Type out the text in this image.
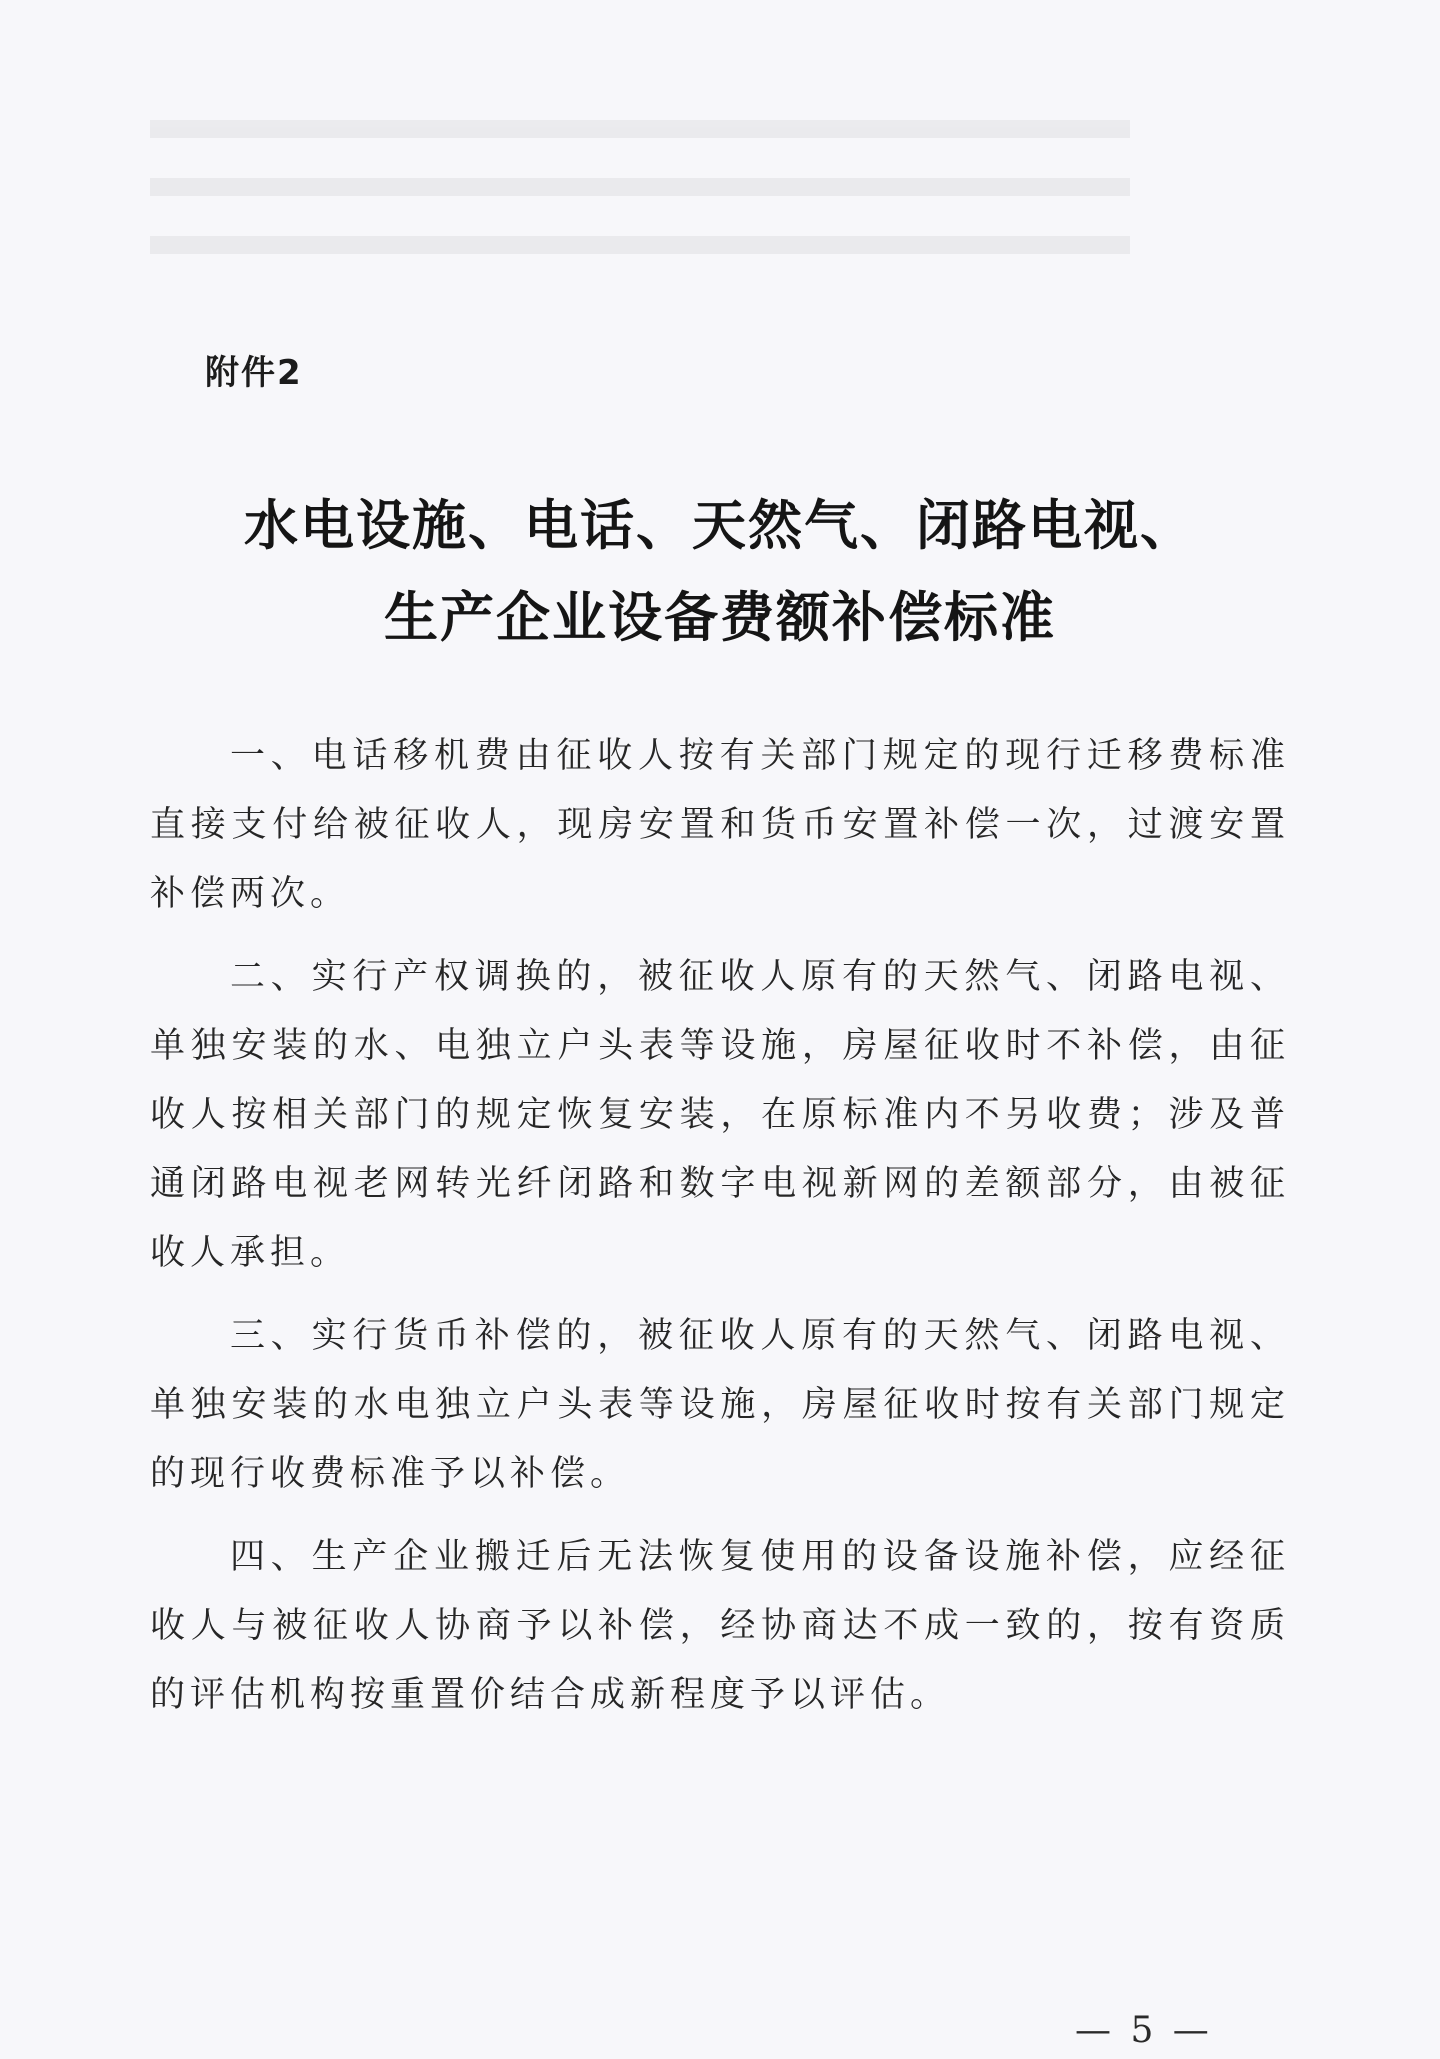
附件2
水电设施、电话、天然气、闭路电视、
生产企业设备费额补偿标准

一、电话移机费由征收人按有关部门规定的现行迁移费标准直接支付给被征收人，现房安置和货币安置补偿一次，过渡安置补偿两次。

二、实行产权调换的，被征收人原有的天然气、闭路电视、单独安装的水、电独立户头表等设施，房屋征收时不补偿，由征收人按相关部门的规定恢复安装，在原标准内不另收费；涉及普通闭路电视老网转光纤闭路和数字电视新网的差额部分，由被征收人承担。

三、实行货币补偿的，被征收人原有的天然气、闭路电视、单独安装的水电独立户头表等设施，房屋征收时按有关部门规定的现行收费标准予以补偿。

四、生产企业搬迁后无法恢复使用的设备设施补偿，应经征收人与被征收人协商予以补偿，经协商达不成一致的，按有资质的评估机构按重置价结合成新程度予以评估。

— 5 —
